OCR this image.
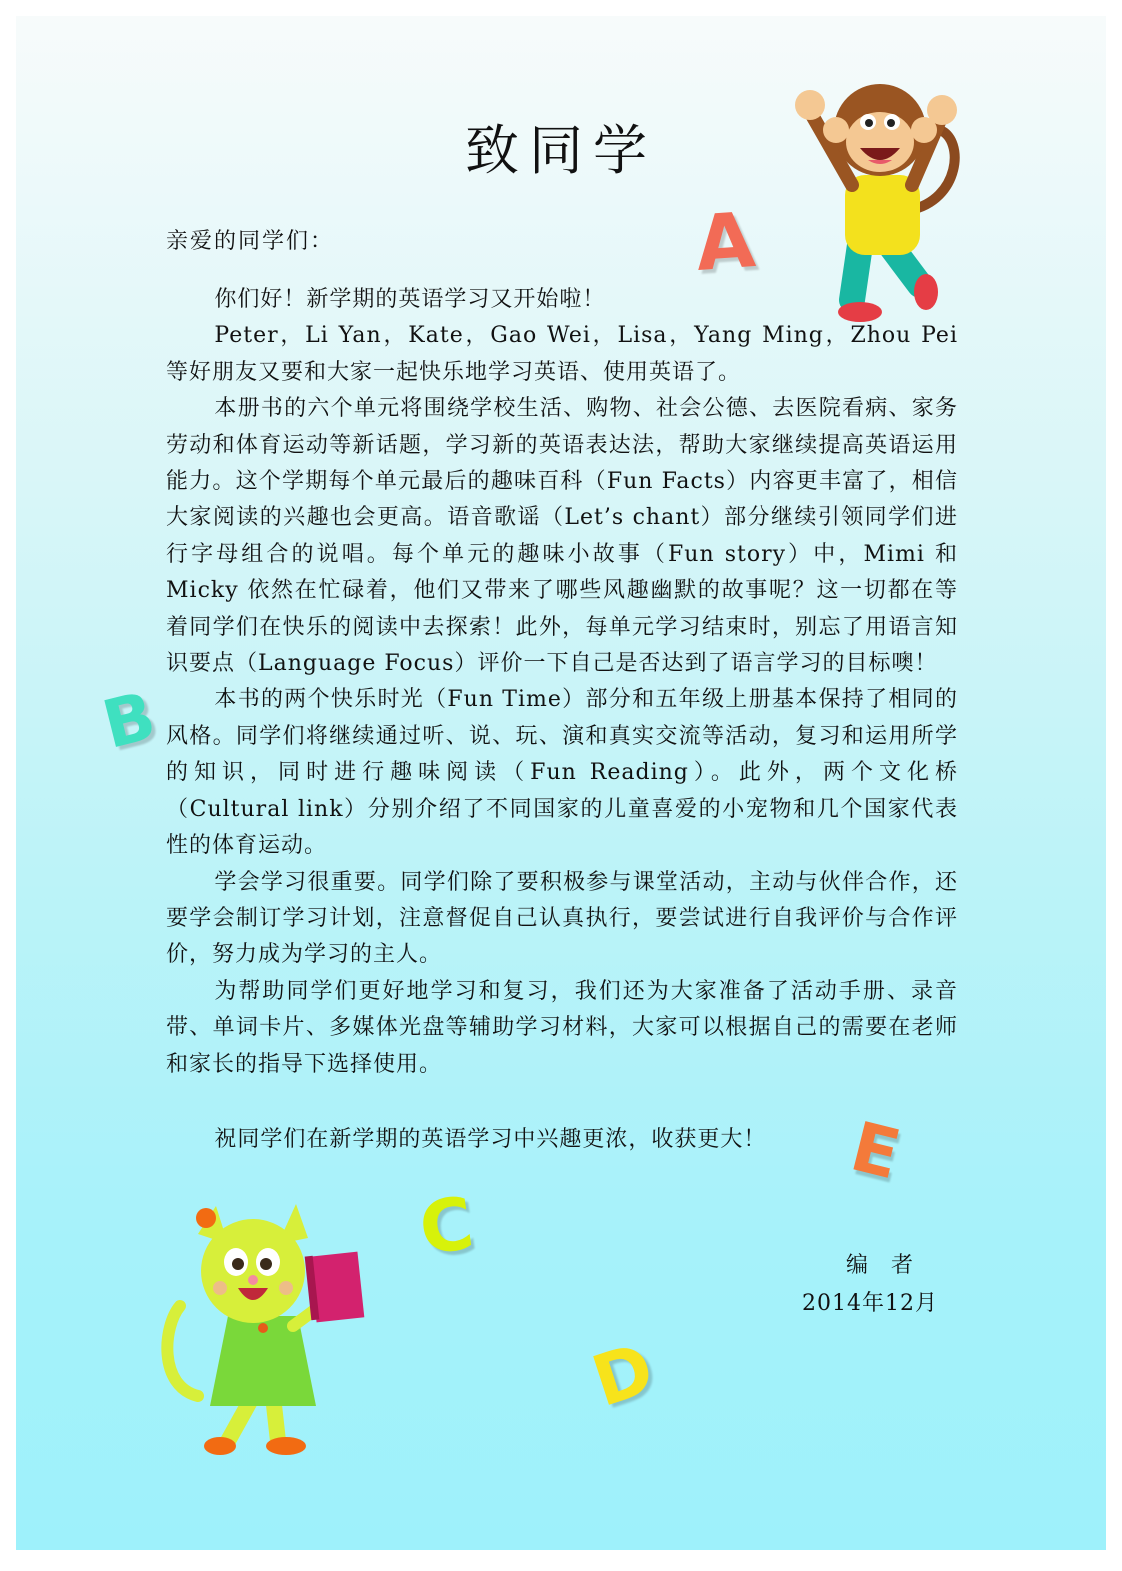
致同学
A
B
C
D
E
亲爱的同学们：

你们好！新学期的英语学习又开始啦！

Peter，Li Yan，Kate，Gao Wei，Lisa，Yang Ming，Zhou Pei 等好朋友又要和大家一起快乐地学习英语、使用英语了。

本册书的六个单元将围绕学校生活、购物、社会公德、去医院看病、家务劳动和体育运动等新话题，学习新的英语表达法，帮助大家继续提高英语运用能力。这个学期每个单元最后的趣味百科（Fun Facts）内容更丰富了，相信大家阅读的兴趣也会更高。语音歌谣（Let’s chant）部分继续引领同学们进行字母组合的说唱。每个单元的趣味小故事（Fun story）中，Mimi 和 Micky 依然在忙碌着，他们又带来了哪些风趣幽默的故事呢？这一切都在等着同学们在快乐的阅读中去探索！此外，每单元学习结束时，别忘了用语言知识要点（Language Focus）评价一下自己是否达到了语言学习的目标噢！

本书的两个快乐时光（Fun Time）部分和五年级上册基本保持了相同的风格。同学们将继续通过听、说、玩、演和真实交流等活动，复习和运用所学的知识，同时进行趣味阅读（Fun Reading）。此外，两个文化桥（Cultural link）分别介绍了不同国家的儿童喜爱的小宠物和几个国家代表性的体育运动。

学会学习很重要。同学们除了要积极参与课堂活动，主动与伙伴合作，还要学会制订学习计划，注意督促自己认真执行，要尝试进行自我评价与合作评价，努力成为学习的主人。

为帮助同学们更好地学习和复习，我们还为大家准备了活动手册、录音带、单词卡片、多媒体光盘等辅助学习材料，大家可以根据自己的需要在老师和家长的指导下选择使用。

祝同学们在新学期的英语学习中兴趣更浓，收获更大！
编 者
2014年12月
